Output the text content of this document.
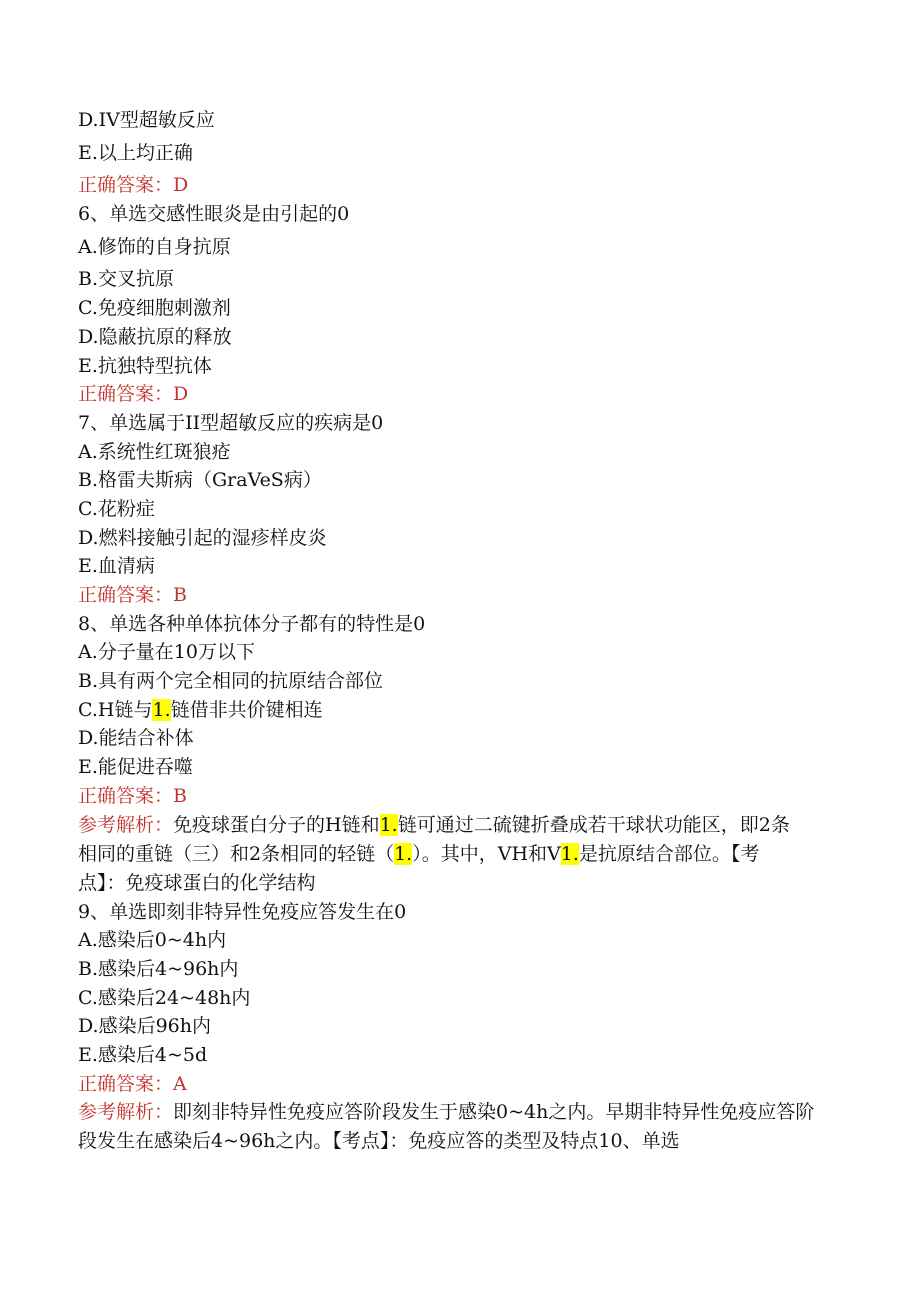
D.IV型超敏反应
E.以上均正确
正确答案：D
6、单选交感性眼炎是由引起的0
A.修饰的自身抗原
B.交叉抗原
C.免疫细胞刺激剂
D.隐蔽抗原的释放
E.抗独特型抗体
正确答案：D
7、单选属于II型超敏反应的疾病是0
A.系统性红斑狼疮
B.格雷夫斯病（GraVeS病）
C.花粉症
D.燃料接触引起的湿疹样皮炎
E.血清病
正确答案：B
8、单选各种单体抗体分子都有的特性是0
A.分子量在10万以下
B.具有两个完全相同的抗原结合部位
C.H链与1.链借非共价键相连
D.能结合补体
E.能促进吞噬
正确答案：B
参考解析：免疫球蛋白分子的H链和1.链可通过二硫键折叠成若干球状功能区，即2条相同的重链（三）和2条相同的轻链（1.）。其中，VH和V1.是抗原结合部位。【考点】：免疫球蛋白的化学结构
9、单选即刻非特异性免疫应答发生在0
A.感染后0~4h内
B.感染后4~96h内
C.感染后24~48h内
D.感染后96h内
E.感染后4~5d
正确答案：A
参考解析：即刻非特异性免疫应答阶段发生于感染0~4h之内。早期非特异性免疫应答阶段发生在感染后4~96h之内。【考点】：免疫应答的类型及特点10、单选
